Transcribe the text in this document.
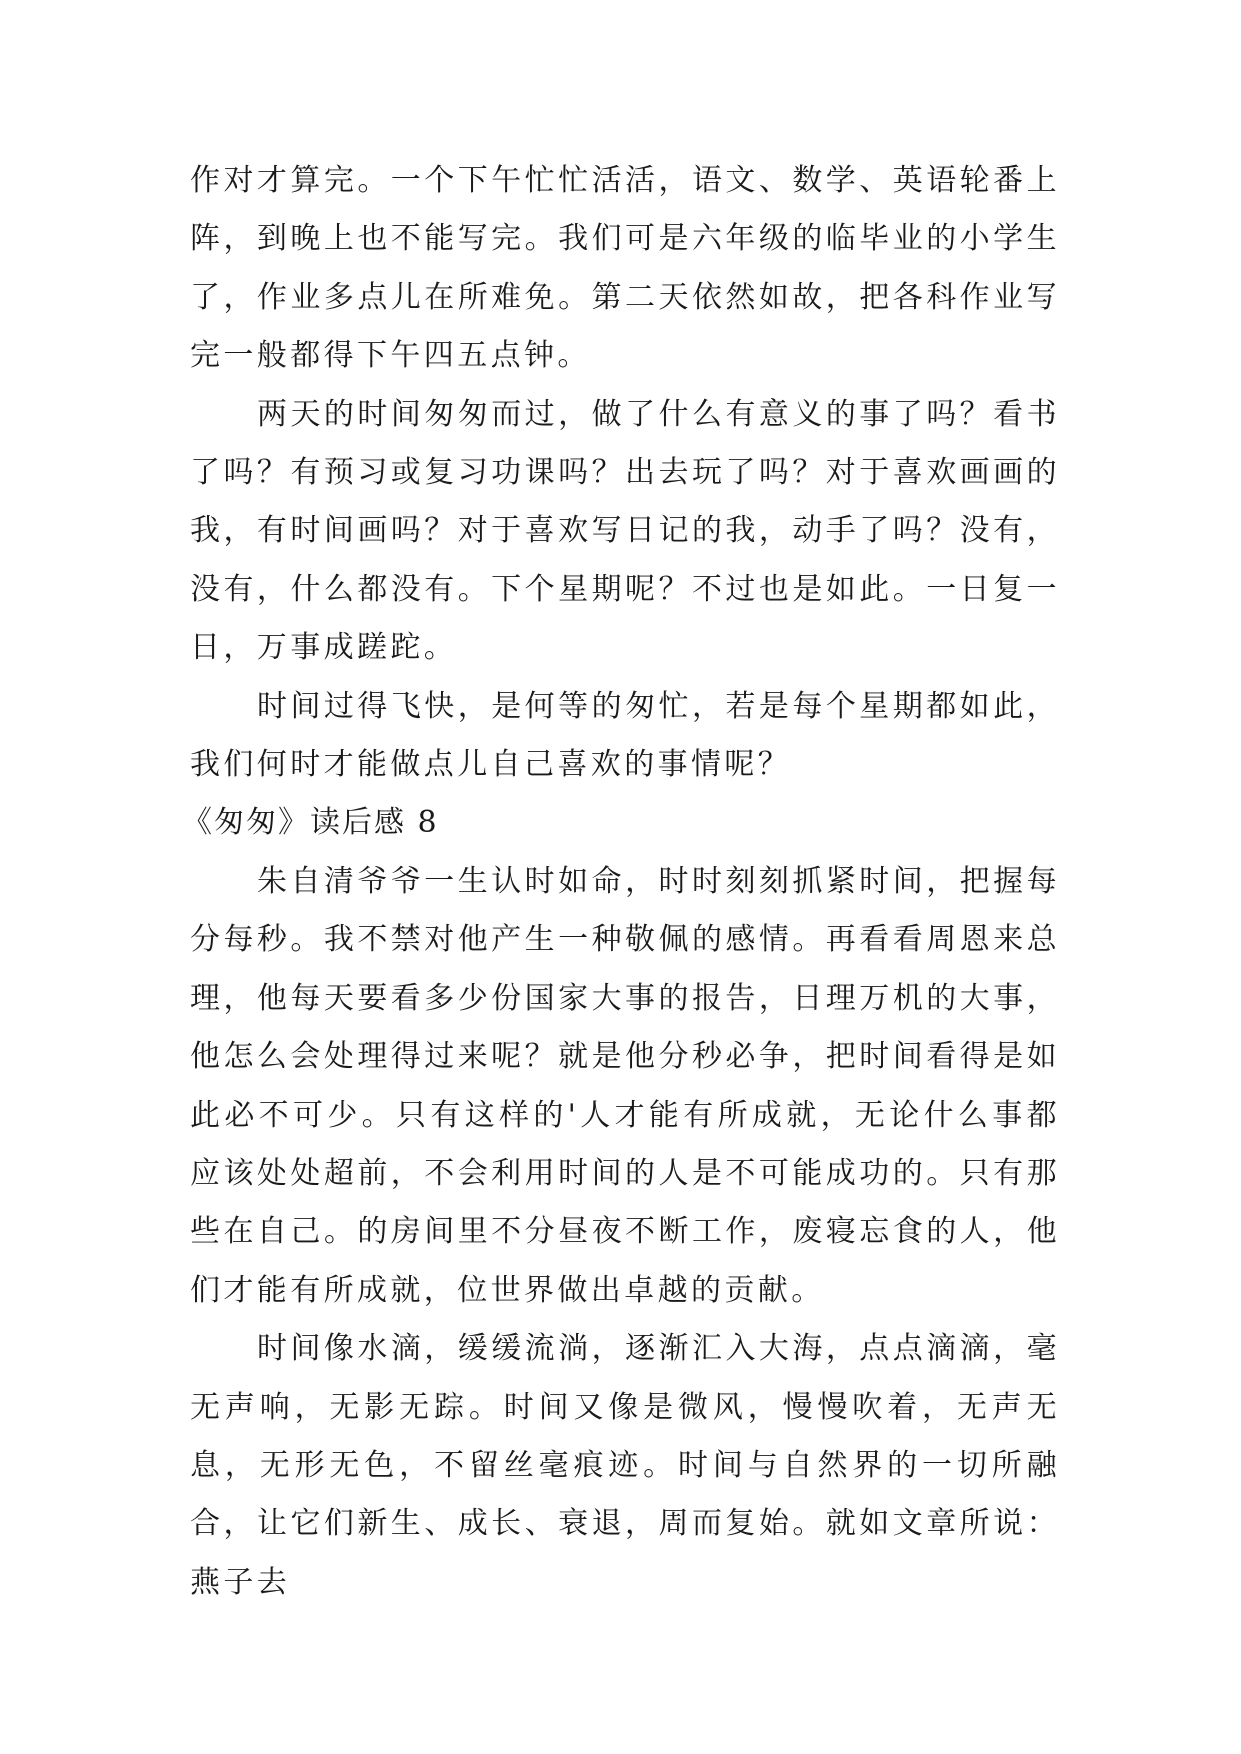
作对才算完。一个下午忙忙活活，语文、数学、英语轮番上阵，到晚上也不能写完。我们可是六年级的临毕业的小学生了，作业多点儿在所难免。第二天依然如故，把各科作业写完一般都得下午四五点钟。

两天的时间匆匆而过，做了什么有意义的事了吗？看书了吗？有预习或复习功课吗？出去玩了吗？对于喜欢画画的我，有时间画吗？对于喜欢写日记的我，动手了吗？没有，没有，什么都没有。下个星期呢？不过也是如此。一日复一日，万事成蹉跎。

时间过得飞快，是何等的匆忙，若是每个星期都如此，我们何时才能做点儿自己喜欢的事情呢？

《匆匆》读后感 8

朱自清爷爷一生认时如命，时时刻刻抓紧时间，把握每分每秒。我不禁对他产生一种敬佩的感情。再看看周恩来总理，他每天要看多少份国家大事的报告，日理万机的大事，他怎么会处理得过来呢？就是他分秒必争，把时间看得是如此必不可少。只有这样的'人才能有所成就，无论什么事都应该处处超前，不会利用时间的人是不可能成功的。只有那些在自己。的房间里不分昼夜不断工作，废寝忘食的人，他们才能有所成就，位世界做出卓越的贡献。

时间像水滴，缓缓流淌，逐渐汇入大海，点点滴滴，毫无声响，无影无踪。时间又像是微风，慢慢吹着，无声无息，无形无色，不留丝毫痕迹。时间与自然界的一切所融合，让它们新生、成长、衰退，周而复始。就如文章所说：燕子去
